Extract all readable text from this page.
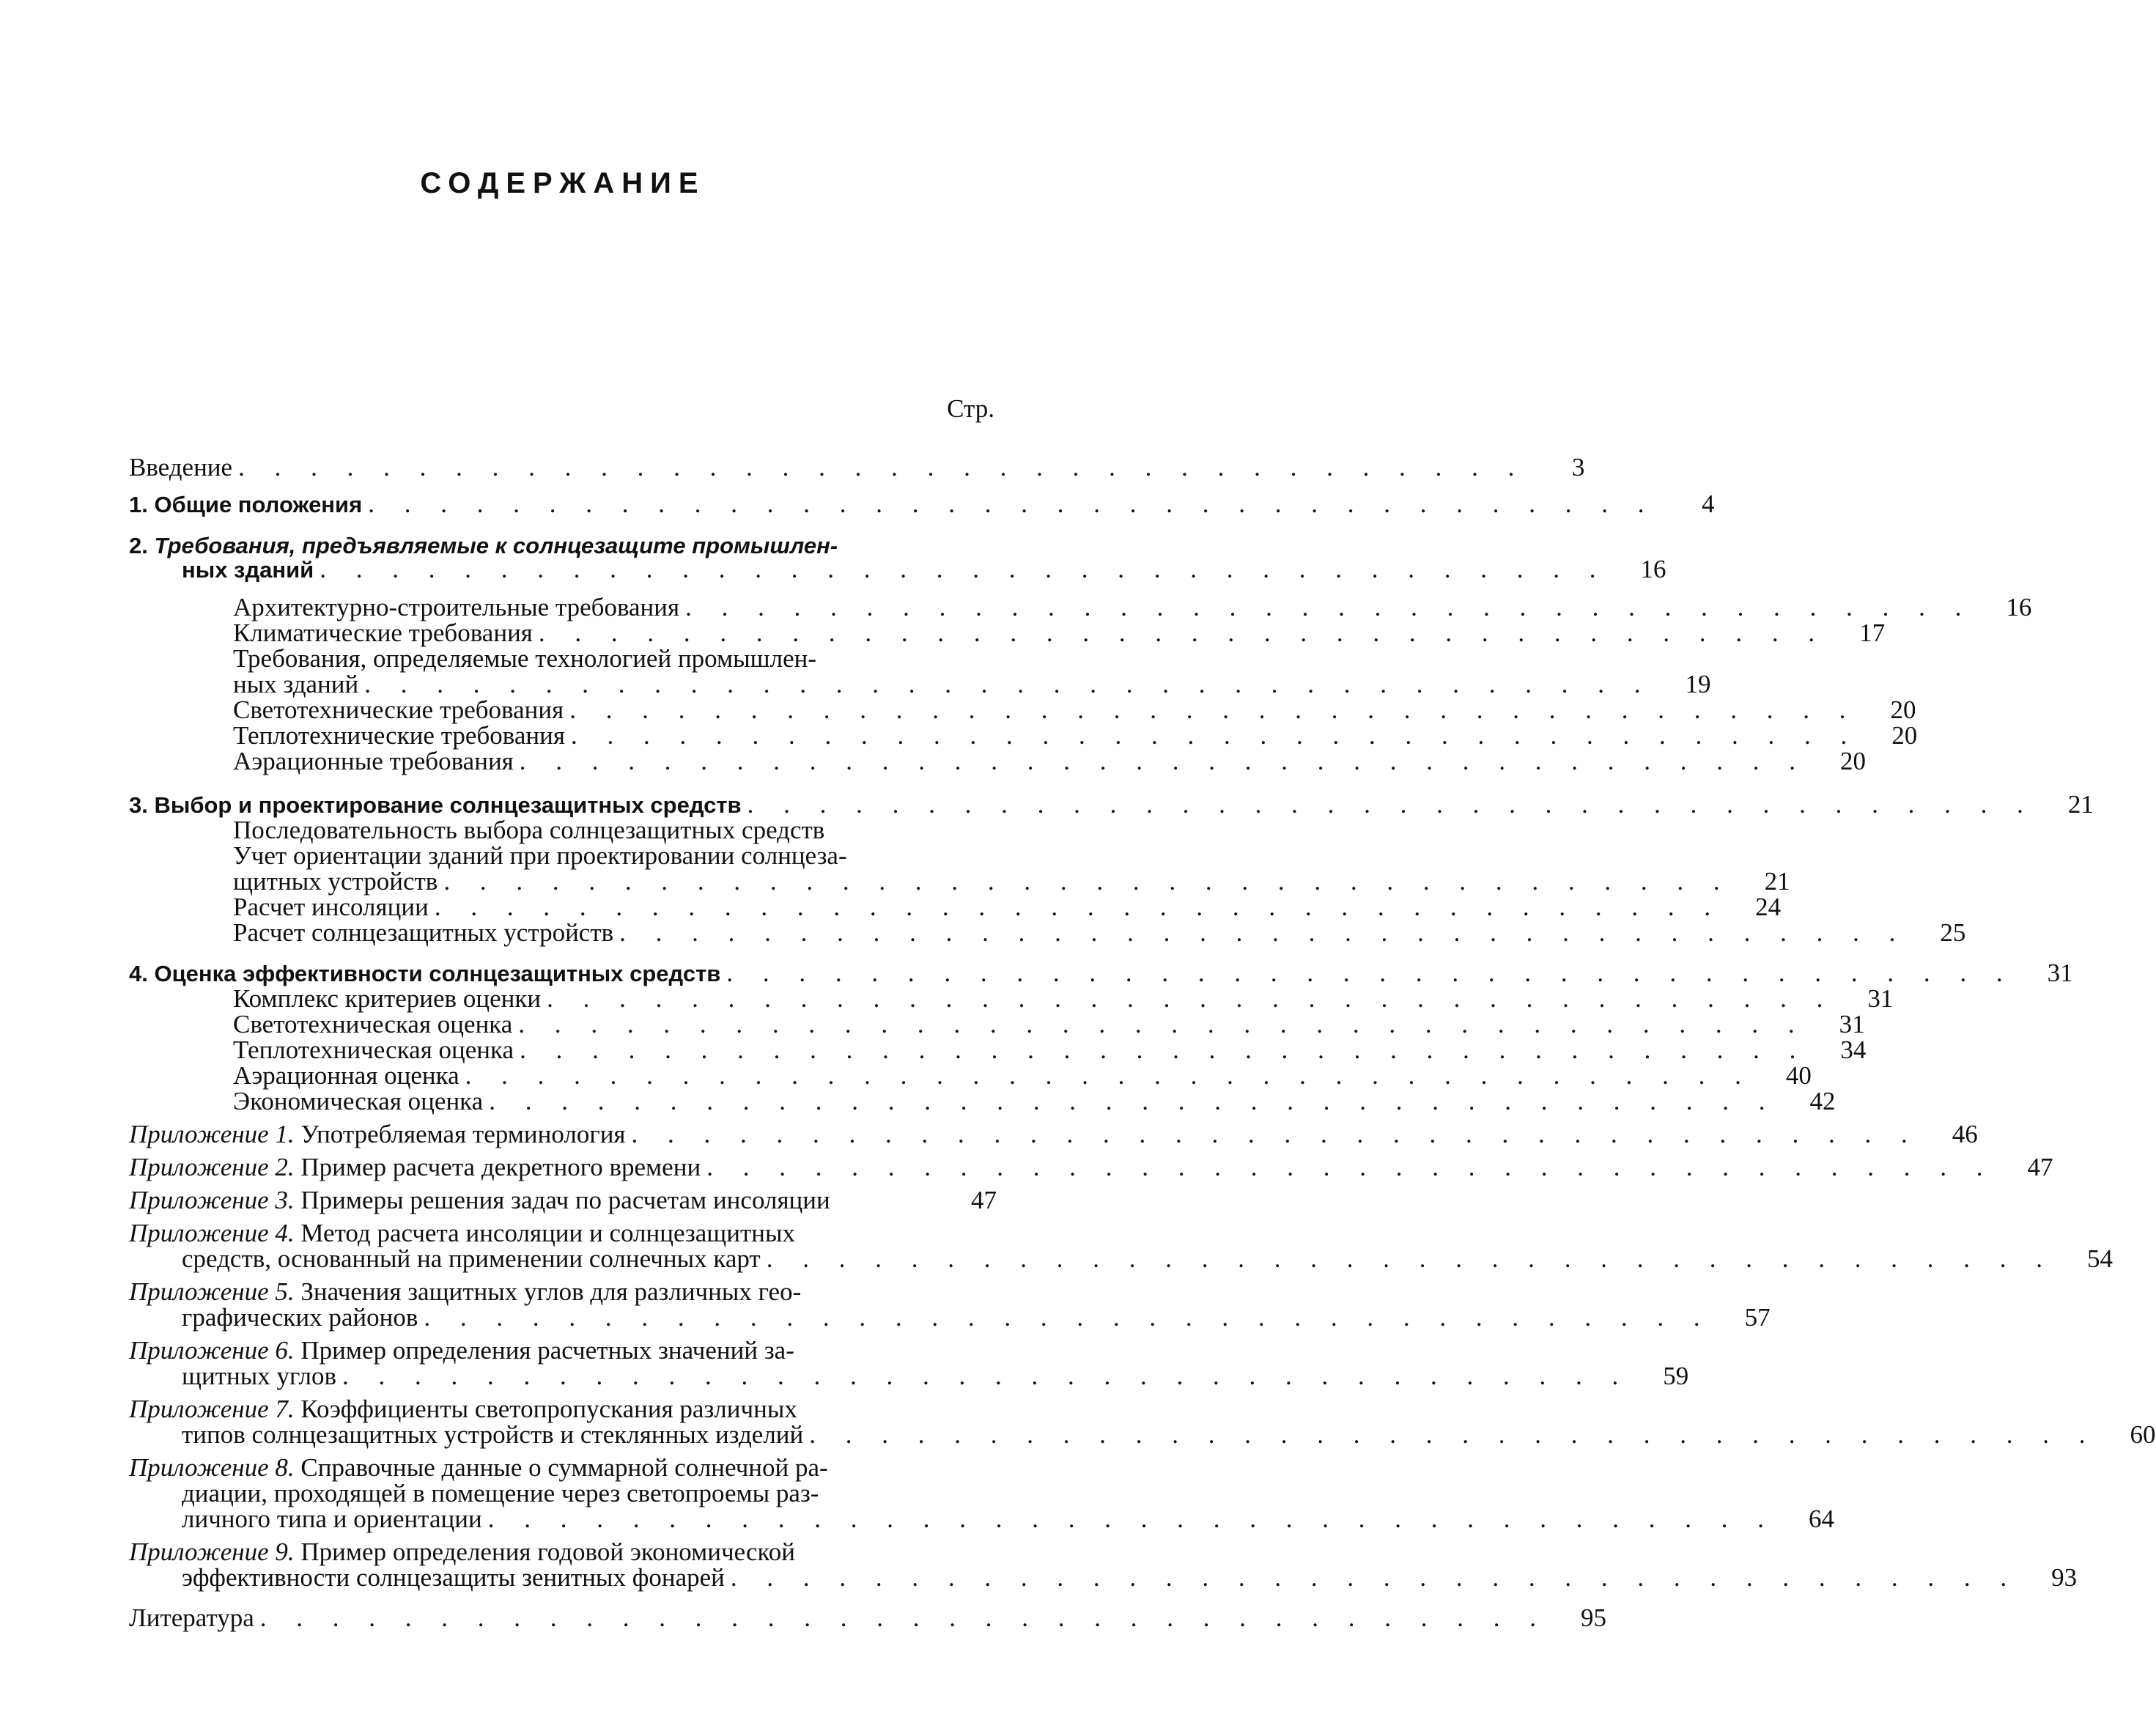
СОДЕРЖАНИЕ
Стр.
Введение . . . . . . . . . . . . . . . . . . . . . . . . . . . . . . . . . . . .	3
1. Общие положения . . . . . . . . . . . . . . . . . . . . . . . . . . . . . . . . . . . .	4
2. Требования, предъявляемые к солнцезащите промышлен-
ных зданий . . . . . . . . . . . . . . . . . . . . . . . . . . . . . . . . . . . .	16
Архитектурно-строительные требования . . . . . . . . . . . . . . . . . . . . . . . . . . . . . . . . . . . .	16
Климатические требования . . . . . . . . . . . . . . . . . . . . . . . . . . . . . . . . . . . .	17
Требования, определяемые технологией промышлен-
ных зданий . . . . . . . . . . . . . . . . . . . . . . . . . . . . . . . . . . . .	19
Светотехнические требования . . . . . . . . . . . . . . . . . . . . . . . . . . . . . . . . . . . .	20
Теплотехнические требования . . . . . . . . . . . . . . . . . . . . . . . . . . . . . . . . . . . .	20
Аэрационные требования . . . . . . . . . . . . . . . . . . . . . . . . . . . . . . . . . . . .	20
3. Выбор и проектирование солнцезащитных средств . . . . . . . . . . . . . . . . . . . . . . . . . . . . . . . . . . . .	21
Последовательность выбора солнцезащитных средств
Учет ориентации зданий при проектировании солнцеза-
щитных устройств . . . . . . . . . . . . . . . . . . . . . . . . . . . . . . . . . . . .	21
Расчет инсоляции . . . . . . . . . . . . . . . . . . . . . . . . . . . . . . . . . . . .	24
Расчет солнцезащитных устройств . . . . . . . . . . . . . . . . . . . . . . . . . . . . . . . . . . . .	25
4. Оценка эффективности солнцезащитных средств . . . . . . . . . . . . . . . . . . . . . . . . . . . . . . . . . . . .	31
Комплекс критериев оценки . . . . . . . . . . . . . . . . . . . . . . . . . . . . . . . . . . . .	31
Светотехническая оценка . . . . . . . . . . . . . . . . . . . . . . . . . . . . . . . . . . . .	31
Теплотехническая оценка . . . . . . . . . . . . . . . . . . . . . . . . . . . . . . . . . . . .	34
Аэрационная оценка . . . . . . . . . . . . . . . . . . . . . . . . . . . . . . . . . . . .	40
Экономическая оценка . . . . . . . . . . . . . . . . . . . . . . . . . . . . . . . . . . . .	42
Приложение 1. Употребляемая терминология . . . . . . . . . . . . . . . . . . . . . . . . . . . . . . . . . . . .	46
Приложение 2. Пример расчета декретного времени . . . . . . . . . . . . . . . . . . . . . . . . . . . . . . . . . . . .	47
Приложение 3. Примеры решения задач по расчетам инсоляции	47
Приложение 4. Метод расчета инсоляции и солнцезащитных
средств, основанный на применении солнечных карт . . . . . . . . . . . . . . . . . . . . . . . . . . . . . . . . . . . .	54
Приложение 5. Значения защитных углов для различных гео-
графических районов . . . . . . . . . . . . . . . . . . . . . . . . . . . . . . . . . . . .	57
Приложение 6. Пример определения расчетных значений за-
щитных углов . . . . . . . . . . . . . . . . . . . . . . . . . . . . . . . . . . . .	59
Приложение 7. Коэффициенты светопропускания различных
типов солнцезащитных устройств и стеклянных изделий . . . . . . . . . . . . . . . . . . . . . . . . . . . . . . . . . . . .	60
Приложение 8. Справочные данные о суммарной солнечной ра-
диации, проходящей в помещение через светопроемы раз-
личного типа и ориентации . . . . . . . . . . . . . . . . . . . . . . . . . . . . . . . . . . . .	64
Приложение 9. Пример определения годовой экономической
эффективности солнцезащиты зенитных фонарей . . . . . . . . . . . . . . . . . . . . . . . . . . . . . . . . . . . .	93
Литература . . . . . . . . . . . . . . . . . . . . . . . . . . . . . . . . . . . .	95
